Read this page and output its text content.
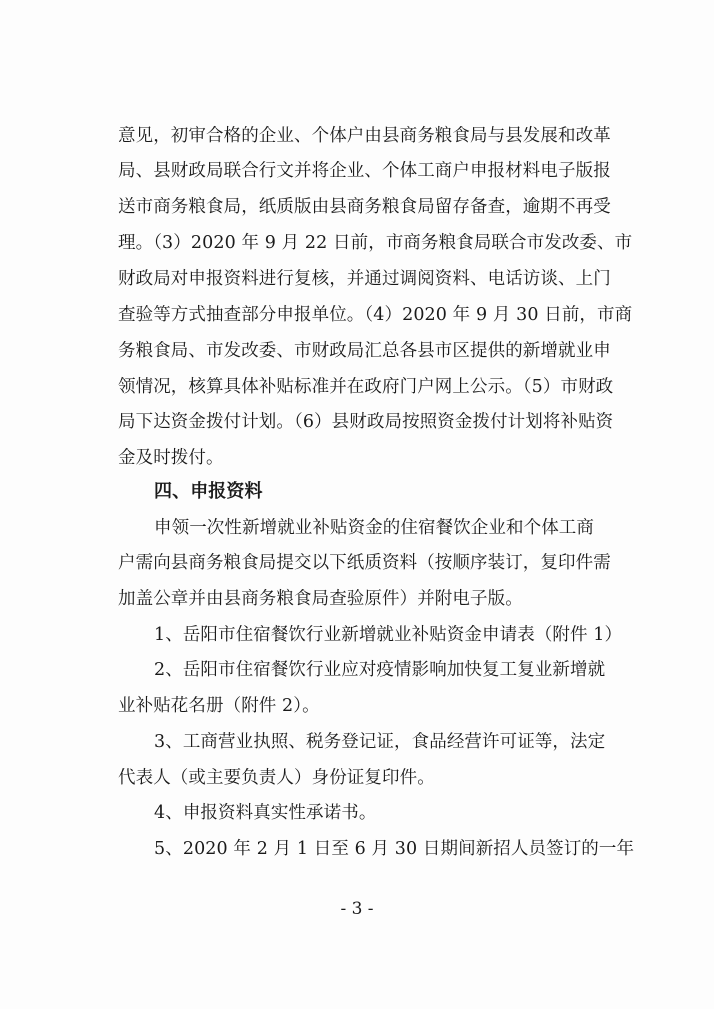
意见，初审合格的企业、个体户由县商务粮食局与县发展和改革
局、县财政局联合行文并将企业、个体工商户申报材料电子版报
送市商务粮食局，纸质版由县商务粮食局留存备查，逾期不再受
理。（3）2020 年 9 月 22 日前，市商务粮食局联合市发改委、市
财政局对申报资料进行复核，并通过调阅资料、电话访谈、上门
查验等方式抽查部分申报单位。（4）2020 年 9 月 30 日前，市商
务粮食局、市发改委、市财政局汇总各县市区提供的新增就业申
领情况，核算具体补贴标准并在政府门户网上公示。（5）市财政
局下达资金拨付计划。（6）县财政局按照资金拨付计划将补贴资
金及时拨付。
四、申报资料
申领一次性新增就业补贴资金的住宿餐饮企业和个体工商
户需向县商务粮食局提交以下纸质资料（按顺序装订，复印件需
加盖公章并由县商务粮食局查验原件）并附电子版。
1、岳阳市住宿餐饮行业新增就业补贴资金申请表（附件 1）
2、岳阳市住宿餐饮行业应对疫情影响加快复工复业新增就
业补贴花名册（附件 2）。
3、工商营业执照、税务登记证，食品经营许可证等，法定
代表人（或主要负责人）身份证复印件。
4、申报资料真实性承诺书。
5、2020 年 2 月 1 日至 6 月 30 日期间新招人员签订的一年
- 3 -
